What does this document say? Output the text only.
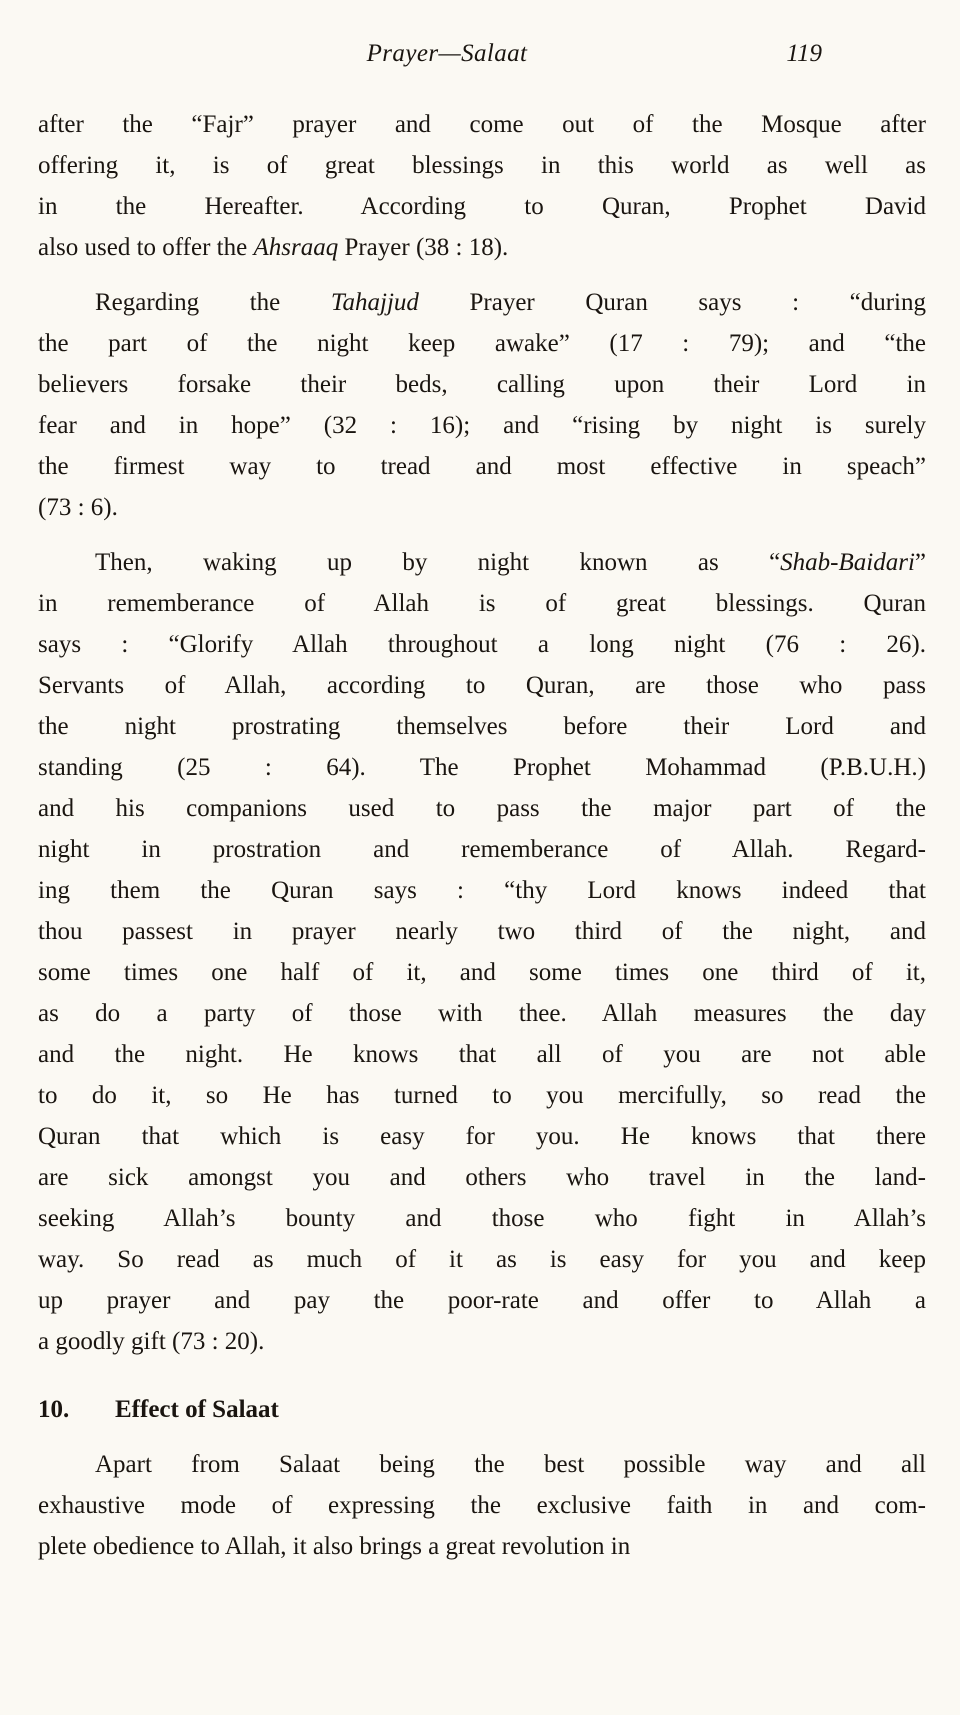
Prayer—Salaat	119
after the “Fajr” prayer and come out of the Mosque after
offering it, is of great blessings in this world as well as
in the Hereafter. According to Quran, Prophet David
also used to offer the Ahsraaq Prayer (38 : 18).
Regarding the Tahajjud Prayer Quran says : “during
the part of the night keep awake” (17 : 79); and “the
believers forsake their beds, calling upon their Lord in
fear and in hope” (32 : 16); and “rising by night is surely
the firmest way to tread and most effective in speach”
(73 : 6).
Then, waking up by night known as “Shab-Baidari”
in rememberance of Allah is of great blessings. Quran
says : “Glorify Allah throughout a long night (76 : 26).
Servants of Allah, according to Quran, are those who pass
the night prostrating themselves before their Lord and
standing (25 : 64). The Prophet Mohammad (P.B.U.H.)
and his companions used to pass the major part of the
night in prostration and rememberance of Allah. Regard-
ing them the Quran says : “thy Lord knows indeed that
thou passest in prayer nearly two third of the night, and
some times one half of it, and some times one third of it,
as do a party of those with thee. Allah measures the day
and the night. He knows that all of you are not able
to do it, so He has turned to you mercifully, so read the
Quran that which is easy for you. He knows that there
are sick amongst you and others who travel in the land-
seeking Allah’s bounty and those who fight in Allah’s
way. So read as much of it as is easy for you and keep
up prayer and pay the poor-rate and offer to Allah a
a goodly gift (73 : 20).
10. Effect of Salaat
Apart from Salaat being the best possible way and all
exhaustive mode of expressing the exclusive faith in and com-
plete obedience to Allah, it also brings a great revolution in
